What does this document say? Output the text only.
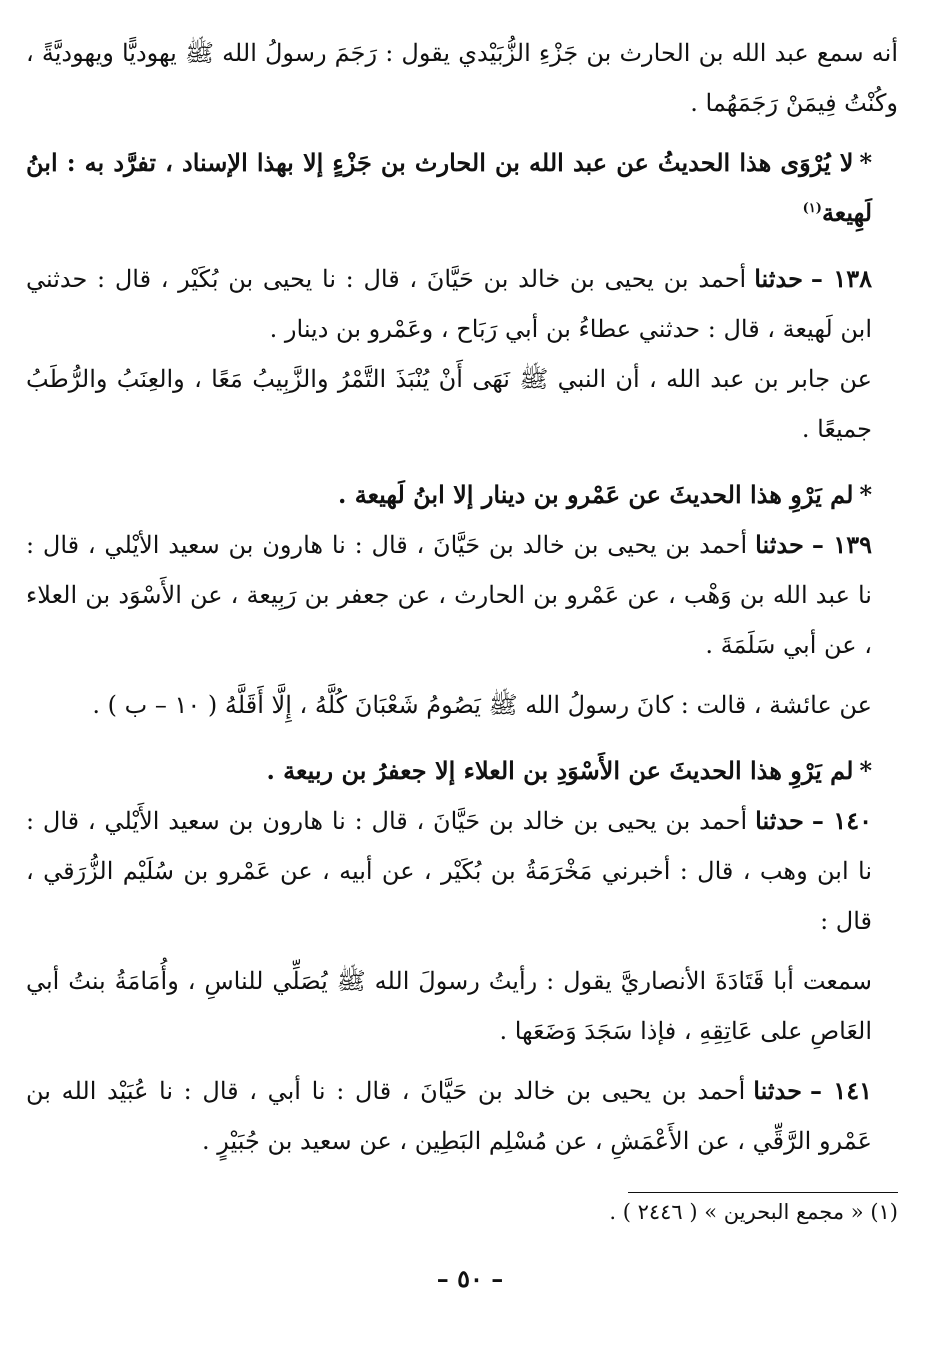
أنه سمع عبد الله بن الحارث بن جَزْءِ الزُّبَيْدي يقول : رَجَمَ رسولُ الله ﷺ يهوديًّا ويهوديَّةً ، وكُنْتُ فِيمَنْ رَجَمَهُما .

*لا يُرْوَى هذا الحديثُ عن عبد الله بن الحارث بن جَزْءٍ إلا بهذا الإسناد ، تفرَّد به : ابنُ لَهِيعة$^{(١)}$

١٣٨ –حدثناأحمد بن يحيى بن خالد بن حَيَّانَ ، قال : نا يحيى بن بُكَيْر ، قال : حدثني ابن لَهيعة ، قال : حدثني عطاءُ بن أبي رَبَاح ، وعَمْرو بن دينار .

عن جابر بن عبد الله ، أن النبي ﷺ نَهَى أَنْ يُنْبَذَ التَّمْرُ والزَّبِيبُ مَعًا ، والعِنَبُ والرُّطَبُ جميعًا .

*لم يَرْوِ هذا الحديثَ عن عَمْرو بن دينار إلا ابنُ لَهيعة .

١٣٩ –حدثناأحمد بن يحيى بن خالد بن حَيَّانَ ، قال : نا هارون بن سعيد الأيْلي ، قال : نا عبد الله بن وَهْب ، عن عَمْرو بن الحارث ، عن جعفر بن رَبِيعة ، عن الأَسْوَد بن العلاء ، عن أبي سَلَمَةَ .

عن عائشة ، قالت : كانَ رسولُ الله ﷺ يَصُومُ شَعْبَانَ كُلَّهُ ، إِلَّا أَقَلَّهُ ( ١٠ – ب ) .

*لم يَرْوِ هذا الحديثَ عن الأَسْوَدِ بن العلاء إلا جعفرُ بن ربيعة .

١٤٠ –حدثناأحمد بن يحيى بن خالد بن حَيَّانَ ، قال : نا هارون بن سعيد الأَيْلي ، قال : نا ابن وهب ، قال : أخبرني مَخْرَمَةُ بن بُكَيْر ، عن أبيه ، عن عَمْرو بن سُلَيْم الزُّرَقي ، قال :

سمعت أبا قَتَادَةَ الأنصاريَّ يقول : رأيتُ رسولَ الله ﷺ يُصَلِّي للناسِ ، وأُمَامَةُ بنتُ أبي العَاصِ على عَاتِقِهِ ، فإذا سَجَدَ وَضَعَها .

١٤١ –حدثناأحمد بن يحيى بن خالد بن حَيَّانَ ، قال : نا أبي ، قال : نا عُبَيْد الله بن عَمْرو الرَّقِّي ، عن الأَعْمَشِ ، عن مُسْلِم البَطِين ، عن سعيد بن جُبَيْرٍ .

(١) « مجمع البحرين » ( ٢٤٤٦ ) .

– ٥٠ –
